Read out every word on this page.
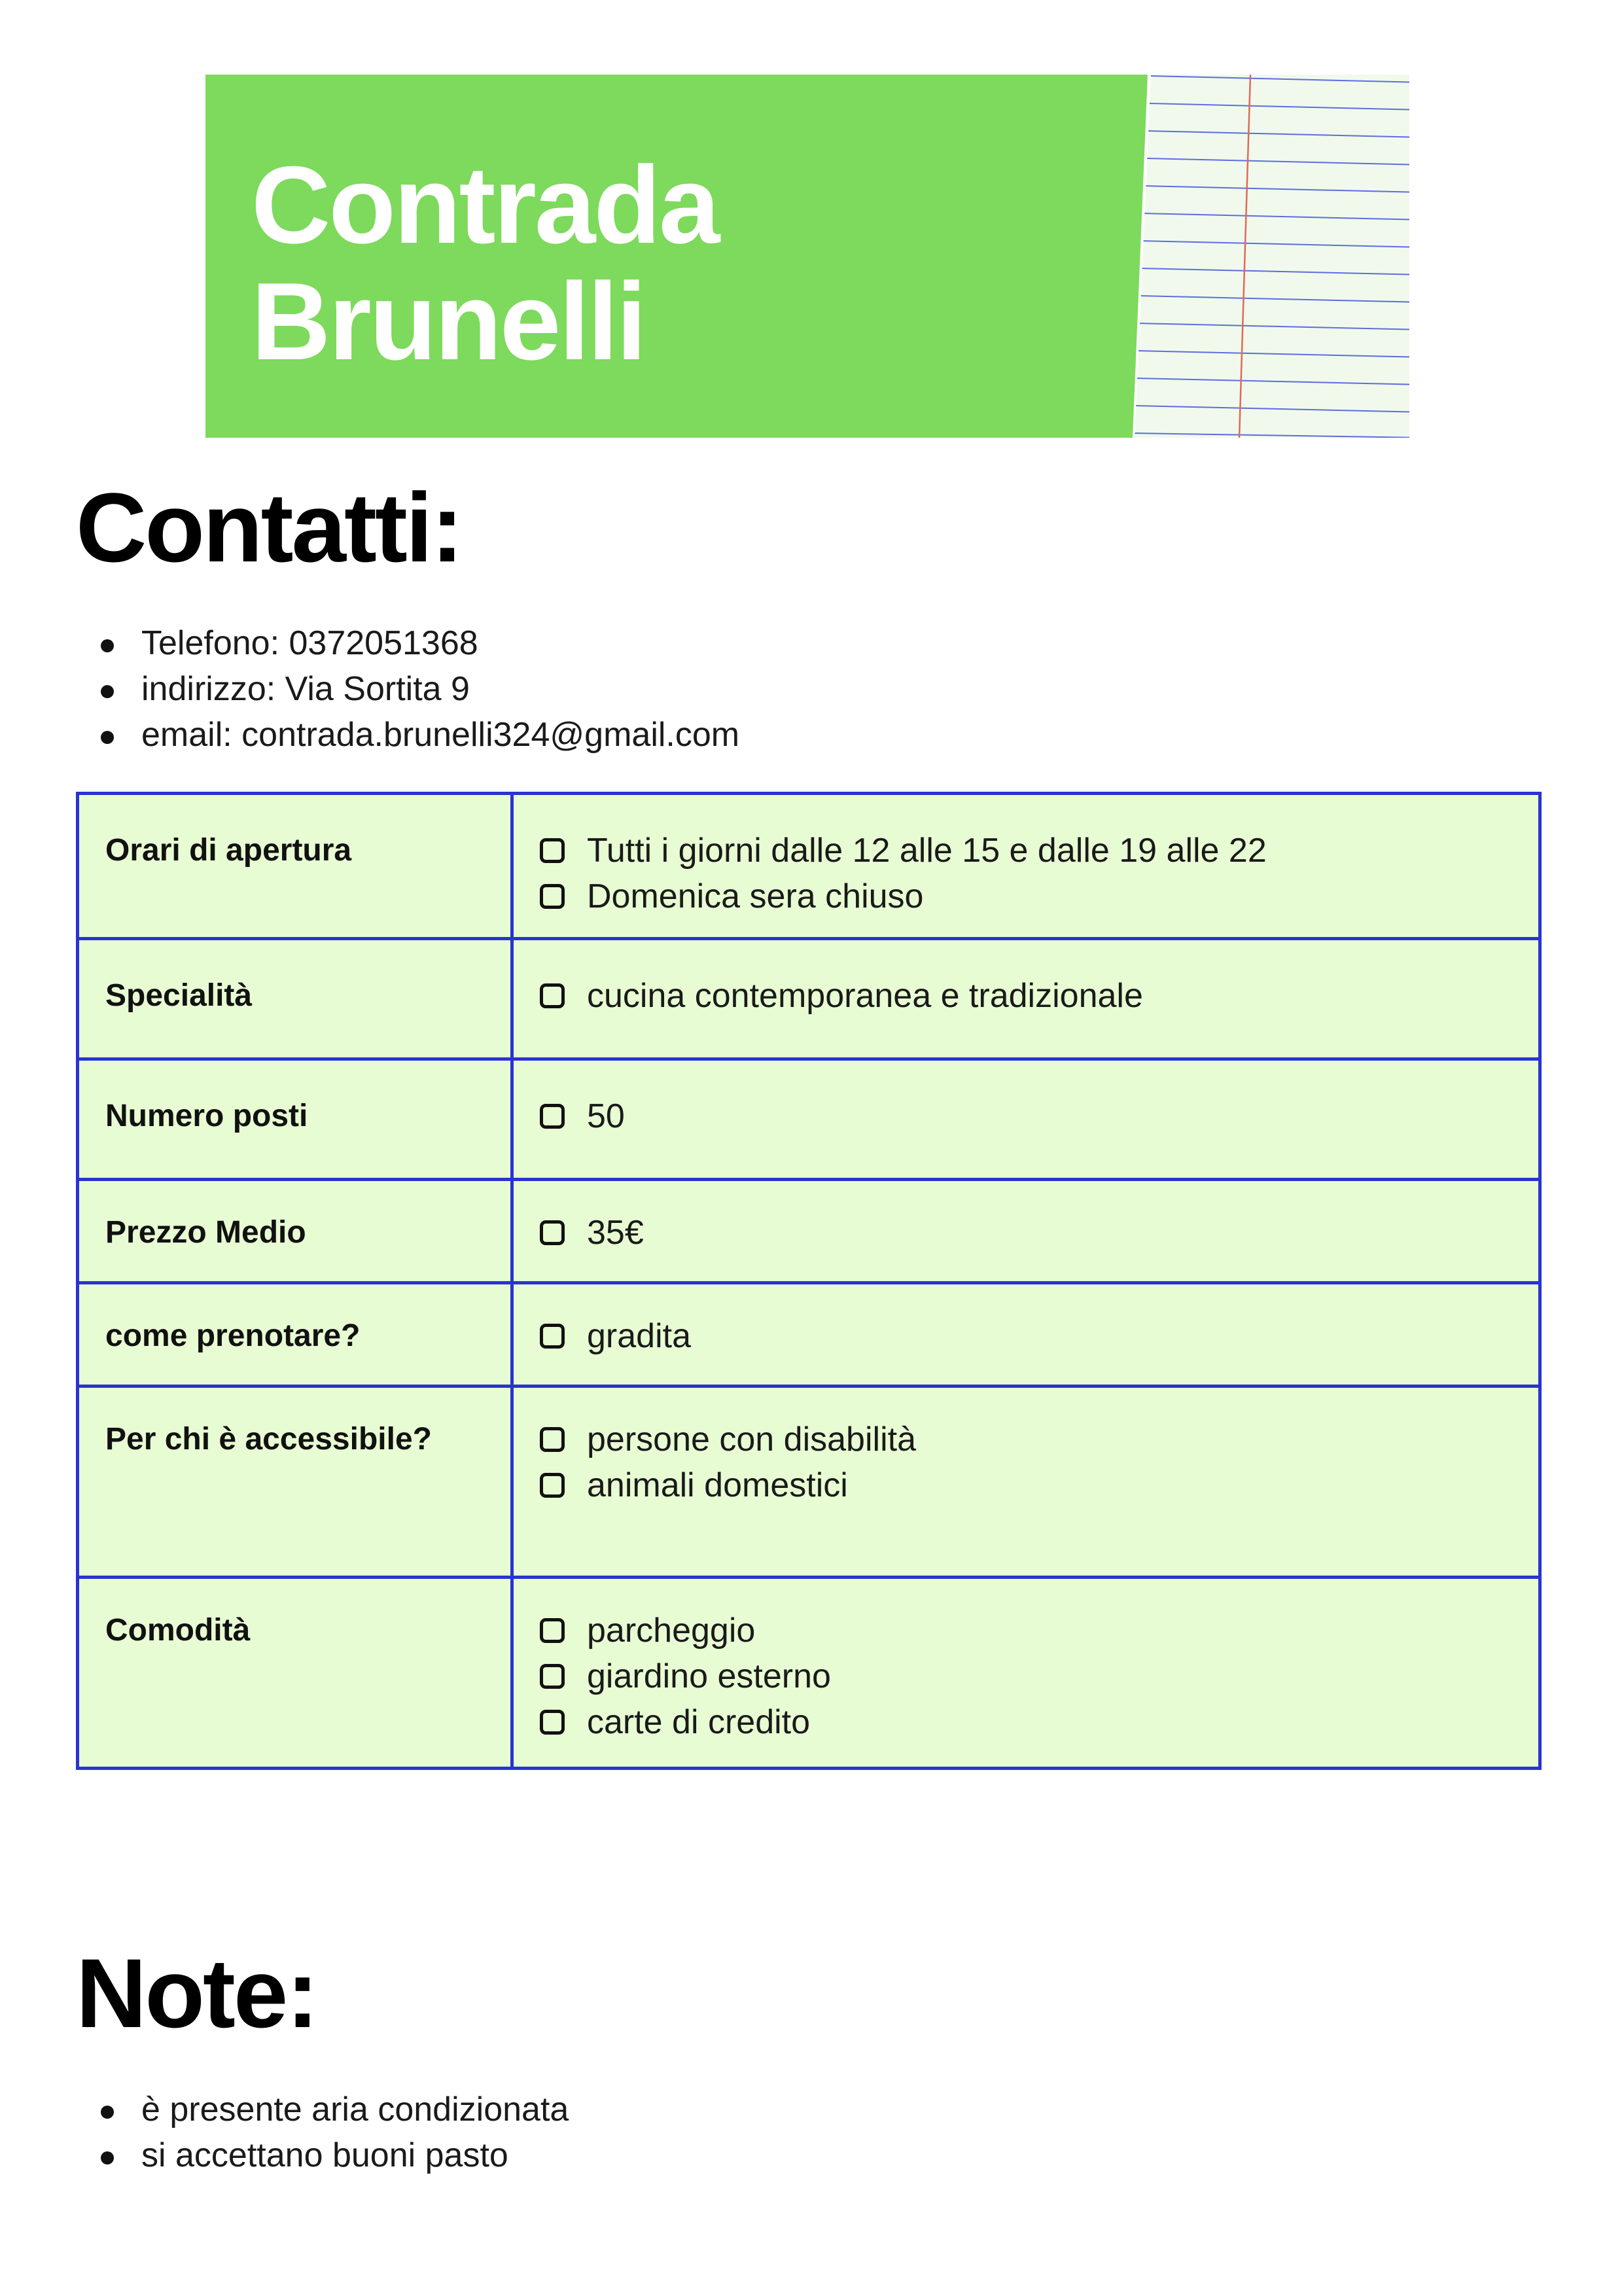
Contrada
Brunelli
Contatti:
Telefono: 0372051368
indirizzo: Via Sortita 9
email: contrada.brunelli324@gmail.com
Orari di apertura	Tutti i giorni dalle 12 alle 15 e dalle 19 alle 22
Domenica sera chiuso

Specialità	cucina contemporanea e tradizionale

Numero posti	50

Prezzo Medio	35€

come prenotare?	gradita

Per chi è accessibile?	persone con disabilità
animali domestici

Comodità	parcheggio
giardino esterno
carte di credito
Note:
è presente aria condizionata
si accettano buoni pasto
